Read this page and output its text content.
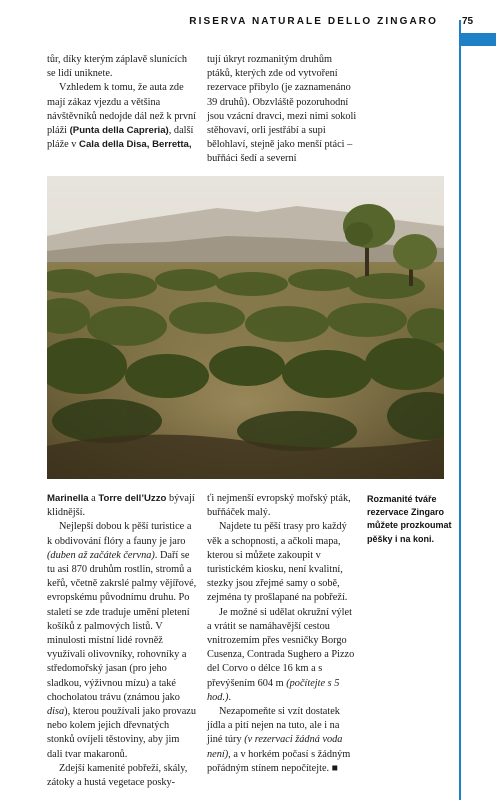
RISERVA NATURALE DELLO ZINGARO 75

tůr, díky kterým záplavě slunících se lidí uniknete.

Vzhledem k tomu, že auta zde mají zákaz vjezdu a většina návštěvníků nedojde dál než k první pláži (Punta della Capreria), další pláže v Cala della Disa, Berretta,

tují úkryt rozmanitým druhům ptáků, kterých zde od vytvoření rezervace přibylo (je zaznamenáno 39 druhů). Obzvláště pozoruhodní jsou vzácní dravci, mezi nimi sokoli stěhovaví, orli jestřábí a supi bělohlaví, stejně jako menší ptáci – buřňáci šedí a severní

Marinella a Torre dell’Uzzo bývají klidnější.

Nejlepší dobou k pěší turistice a k obdivování flóry a fauny je jaro (duben až začátek června). Daří se tu asi 870 druhům rostlin, stromů a keřů, včetně zakrslé palmy vějířové, evropskému původnímu druhu. Po staletí se zde traduje umění pletení košíků z palmových listů. V minulosti místní lidé rovněž využívali olivovníky, rohovníky a středomořský jasan (pro jeho sladkou, výživnou mízu) a také chocholatou trávu (známou jako disa), kterou používali jako provazu nebo kolem jejich dřevnatých stonků ovíjeli těstoviny, aby jim dali tvar makaronů.

Zdejší kamenité pobřeží, skály, zátoky a hustá vegetace posky-

ťi nejmenší evropský mořský pták, buřňáček malý.

Najdete tu pěší trasy pro každý věk a schopnosti, a ačkoli mapa, kterou si můžete zakoupit v turistickém kiosku, není kvalitní, stezky jsou zřejmé samy o sobě, zejména ty prošlapané na pobřeží.

Je možné si udělat okružní výlet a vrátit se namáhavější cestou vnitrozemím přes vesničky Borgo Cusenza, Contrada Sughero a Pizzo del Corvo o délce 16 km a s převýšením 604 m (počítejte s 5 hod.).

Nezapomeňte si vzít dostatek jídla a pití nejen na tuto, ale i na jiné túry (v rezervaci žádná voda není), a v horkém počasí s žádným pořádným stínem nepočítejte. ■

Rozmanité tváře rezervace Zingaro můžete prozkoumat pěšky i na koni.
